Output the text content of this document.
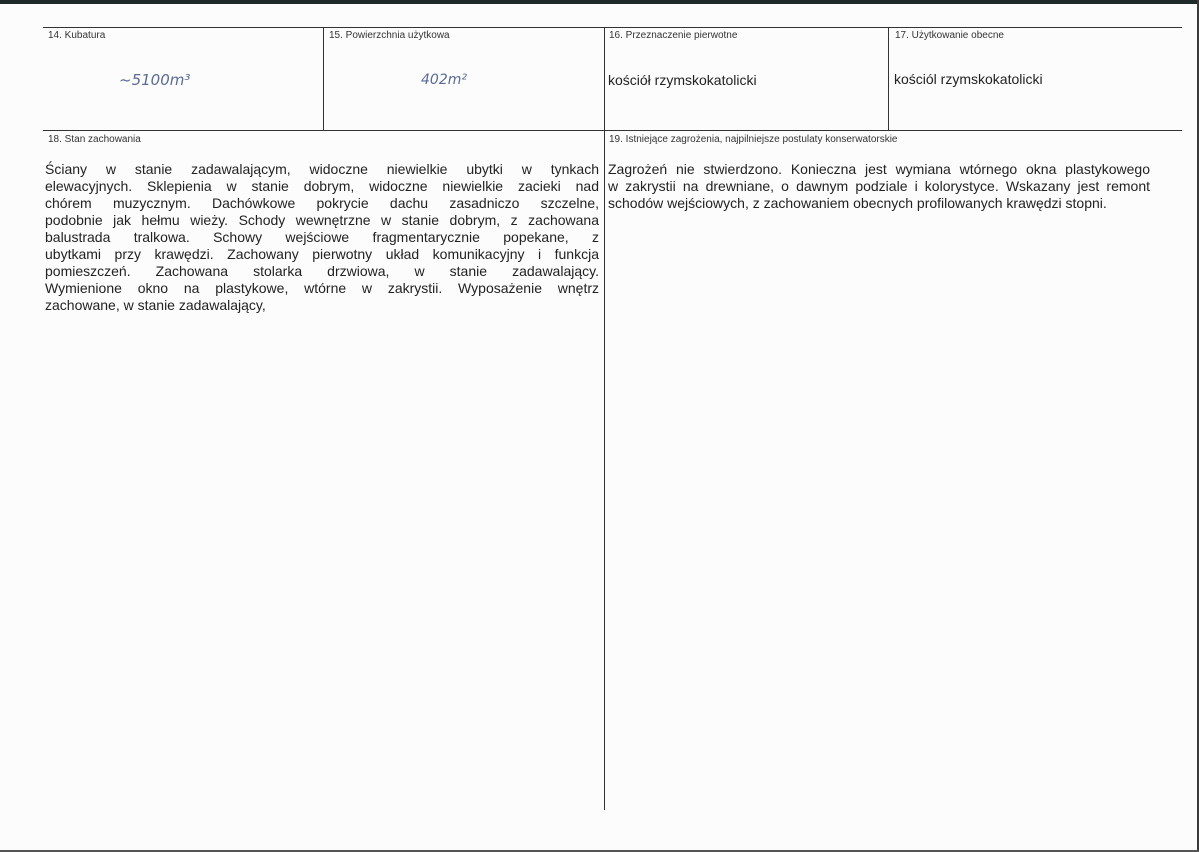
14. Kubatura
~5100m³
15. Powierzchnia użytkowa
402m²
16. Przeznaczenie pierwotne
kościół rzymskokatolicki
17. Użytkowanie obecne
kościól rzymskokatolicki
18. Stan zachowania
Ściany w stanie zadawalającym, widoczne niewielkie ubytki w tynkach
elewacyjnych. Sklepienia w stanie dobrym, widoczne niewielkie zacieki nad
chórem muzycznym. Dachówkowe pokrycie dachu zasadniczo szczelne,
podobnie jak hełmu wieży. Schody wewnętrzne w stanie dobrym, z zachowana
balustrada tralkowa. Schowy wejściowe fragmentarycznie popekane, z
ubytkami przy krawędzi. Zachowany pierwotny układ komunikacyjny i funkcja
pomieszczeń. Zachowana stolarka drzwiowa, w stanie zadawalający.
Wymienione okno na plastykowe, wtórne w zakrystii. Wyposażenie wnętrz
zachowane, w stanie zadawalający,
19. Istniejące zagrożenia, najpilniejsze postulaty konserwatorskie
Zagrożeń nie stwierdzono. Konieczna jest wymiana wtórnego okna plastykowego
w zakrystii na drewniane, o dawnym podziale i kolorystyce. Wskazany jest remont
schodów wejściowych, z zachowaniem obecnych profilowanych krawędzi stopni.
